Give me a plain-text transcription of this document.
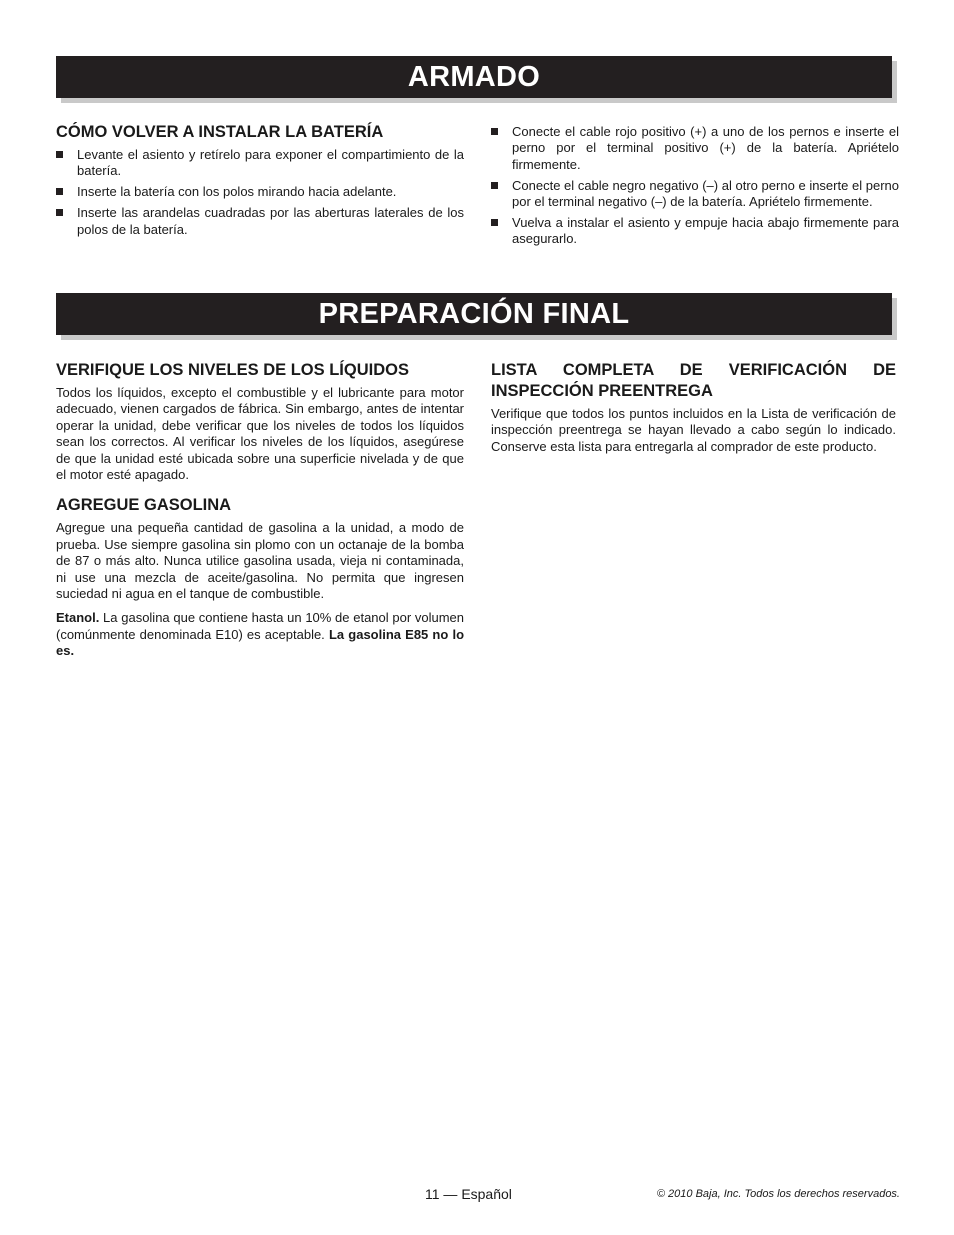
ARMADO
CÓMO VOLVER A INSTALAR LA BATERÍA
Levante el asiento y retírelo para exponer el compartimiento de la batería.
Inserte la batería con los polos mirando hacia adelante.
Inserte las arandelas cuadradas por las aberturas laterales de los polos de la batería.
Conecte el cable rojo positivo (+) a uno de los pernos e inserte el perno por el terminal positivo (+) de la batería. Apriételo firmemente.
Conecte el cable negro negativo (–) al otro perno e inserte el perno por el terminal negativo (–) de la batería. Apriételo firmemente.
Vuelva a instalar el asiento y empuje hacia abajo firmemente para asegurarlo.
PREPARACIÓN FINAL
VERIFIQUE LOS NIVELES DE LOS LÍQUIDOS

Todos los líquidos, excepto el combustible y el lubricante para motor adecuado, vienen cargados de fábrica. Sin embargo, antes de intentar operar la unidad, debe verificar que los niveles de todos los líquidos sean los correctos. Al verificar los niveles de los líquidos, asegúrese de que la unidad esté ubicada sobre una superficie nivelada y de que el motor esté apagado.

AGREGUE GASOLINA

Agregue una pequeña cantidad de gasolina a la unidad, a modo de prueba. Use siempre gasolina sin plomo con un octanaje de la bomba de 87 o más alto. Nunca utilice gasolina usada, vieja ni contaminada, ni use una mezcla de aceite/gasolina. No permita que ingresen suciedad ni agua en el tanque de combustible.

Etanol. La gasolina que contiene hasta un 10% de etanol por volumen (comúnmente denominada E10) es aceptable. La gasolina E85 no lo es.

LISTA COMPLETA DE VERIFICACIÓN DE INSPECCIÓN PREENTREGA

Verifique que todos los puntos incluidos en la Lista de verificación de inspección preentrega se hayan llevado a cabo según lo indicado. Conserve esta lista para entregarla al comprador de este producto.

11 — Español	© 2010 Baja, Inc. Todos los derechos reservados.
